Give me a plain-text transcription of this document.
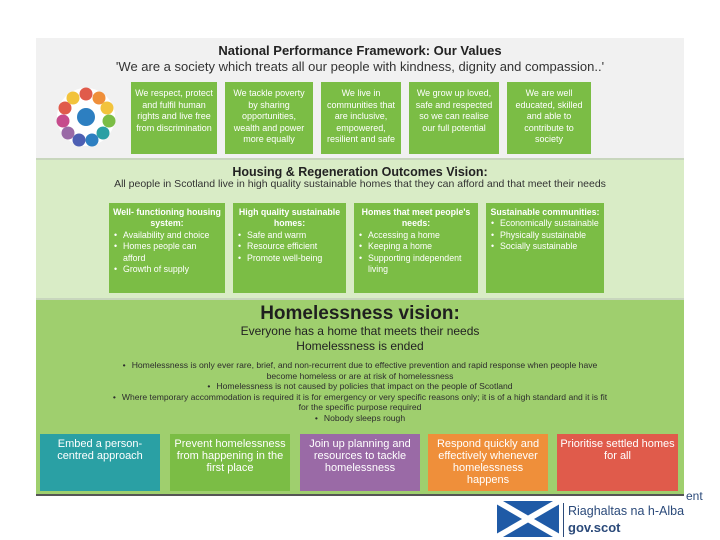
National Performance Framework: Our Values
'We are a society which treats all our people with kindness, dignity and compassion..'
We respect, protect and fulfil human rights and live free from discrimination
We tackle poverty by sharing opportunities, wealth and power more equally
We live in communities that are inclusive, empowered, resilient and safe
We grow up loved, safe and respected so we can realise our full potential
We are well educated, skilled and able to contribute to society
Housing & Regeneration Outcomes Vision:
All people in Scotland live in high quality sustainable homes that they can afford and that meet their needs
Well- functioning housing system:
• Availability and choice
• Homes people can afford
• Growth of supply
High quality sustainable homes:
• Safe and warm
• Resource efficient
• Promote well-being
Homes that meet people's needs:
• Accessing a home
• Keeping a home
• Supporting independent living
Sustainable communities:
• Economically sustainable
• Physically sustainable
• Socially sustainable
Homelessness vision:
Everyone has a home that meets their needs
Homelessness is ended
• Homelessness is only ever rare, brief, and non-recurrent due to effective prevention and rapid response when people have become homeless or are at risk of homelessness
• Homelessness is not caused by policies that impact on the people of Scotland
• Where temporary accommodation is required it is for emergency or very specific reasons only; it is of a high standard and it is fit for the specific purpose required
• Nobody sleeps rough
Embed a person-centred approach
Prevent homelessness from happening in the first place
Join up planning and resources to tackle homelessness
Respond quickly and effectively whenever homelessness happens
Prioritise settled homes for all
ent
Riaghaltas na h-Alba
gov.scot
